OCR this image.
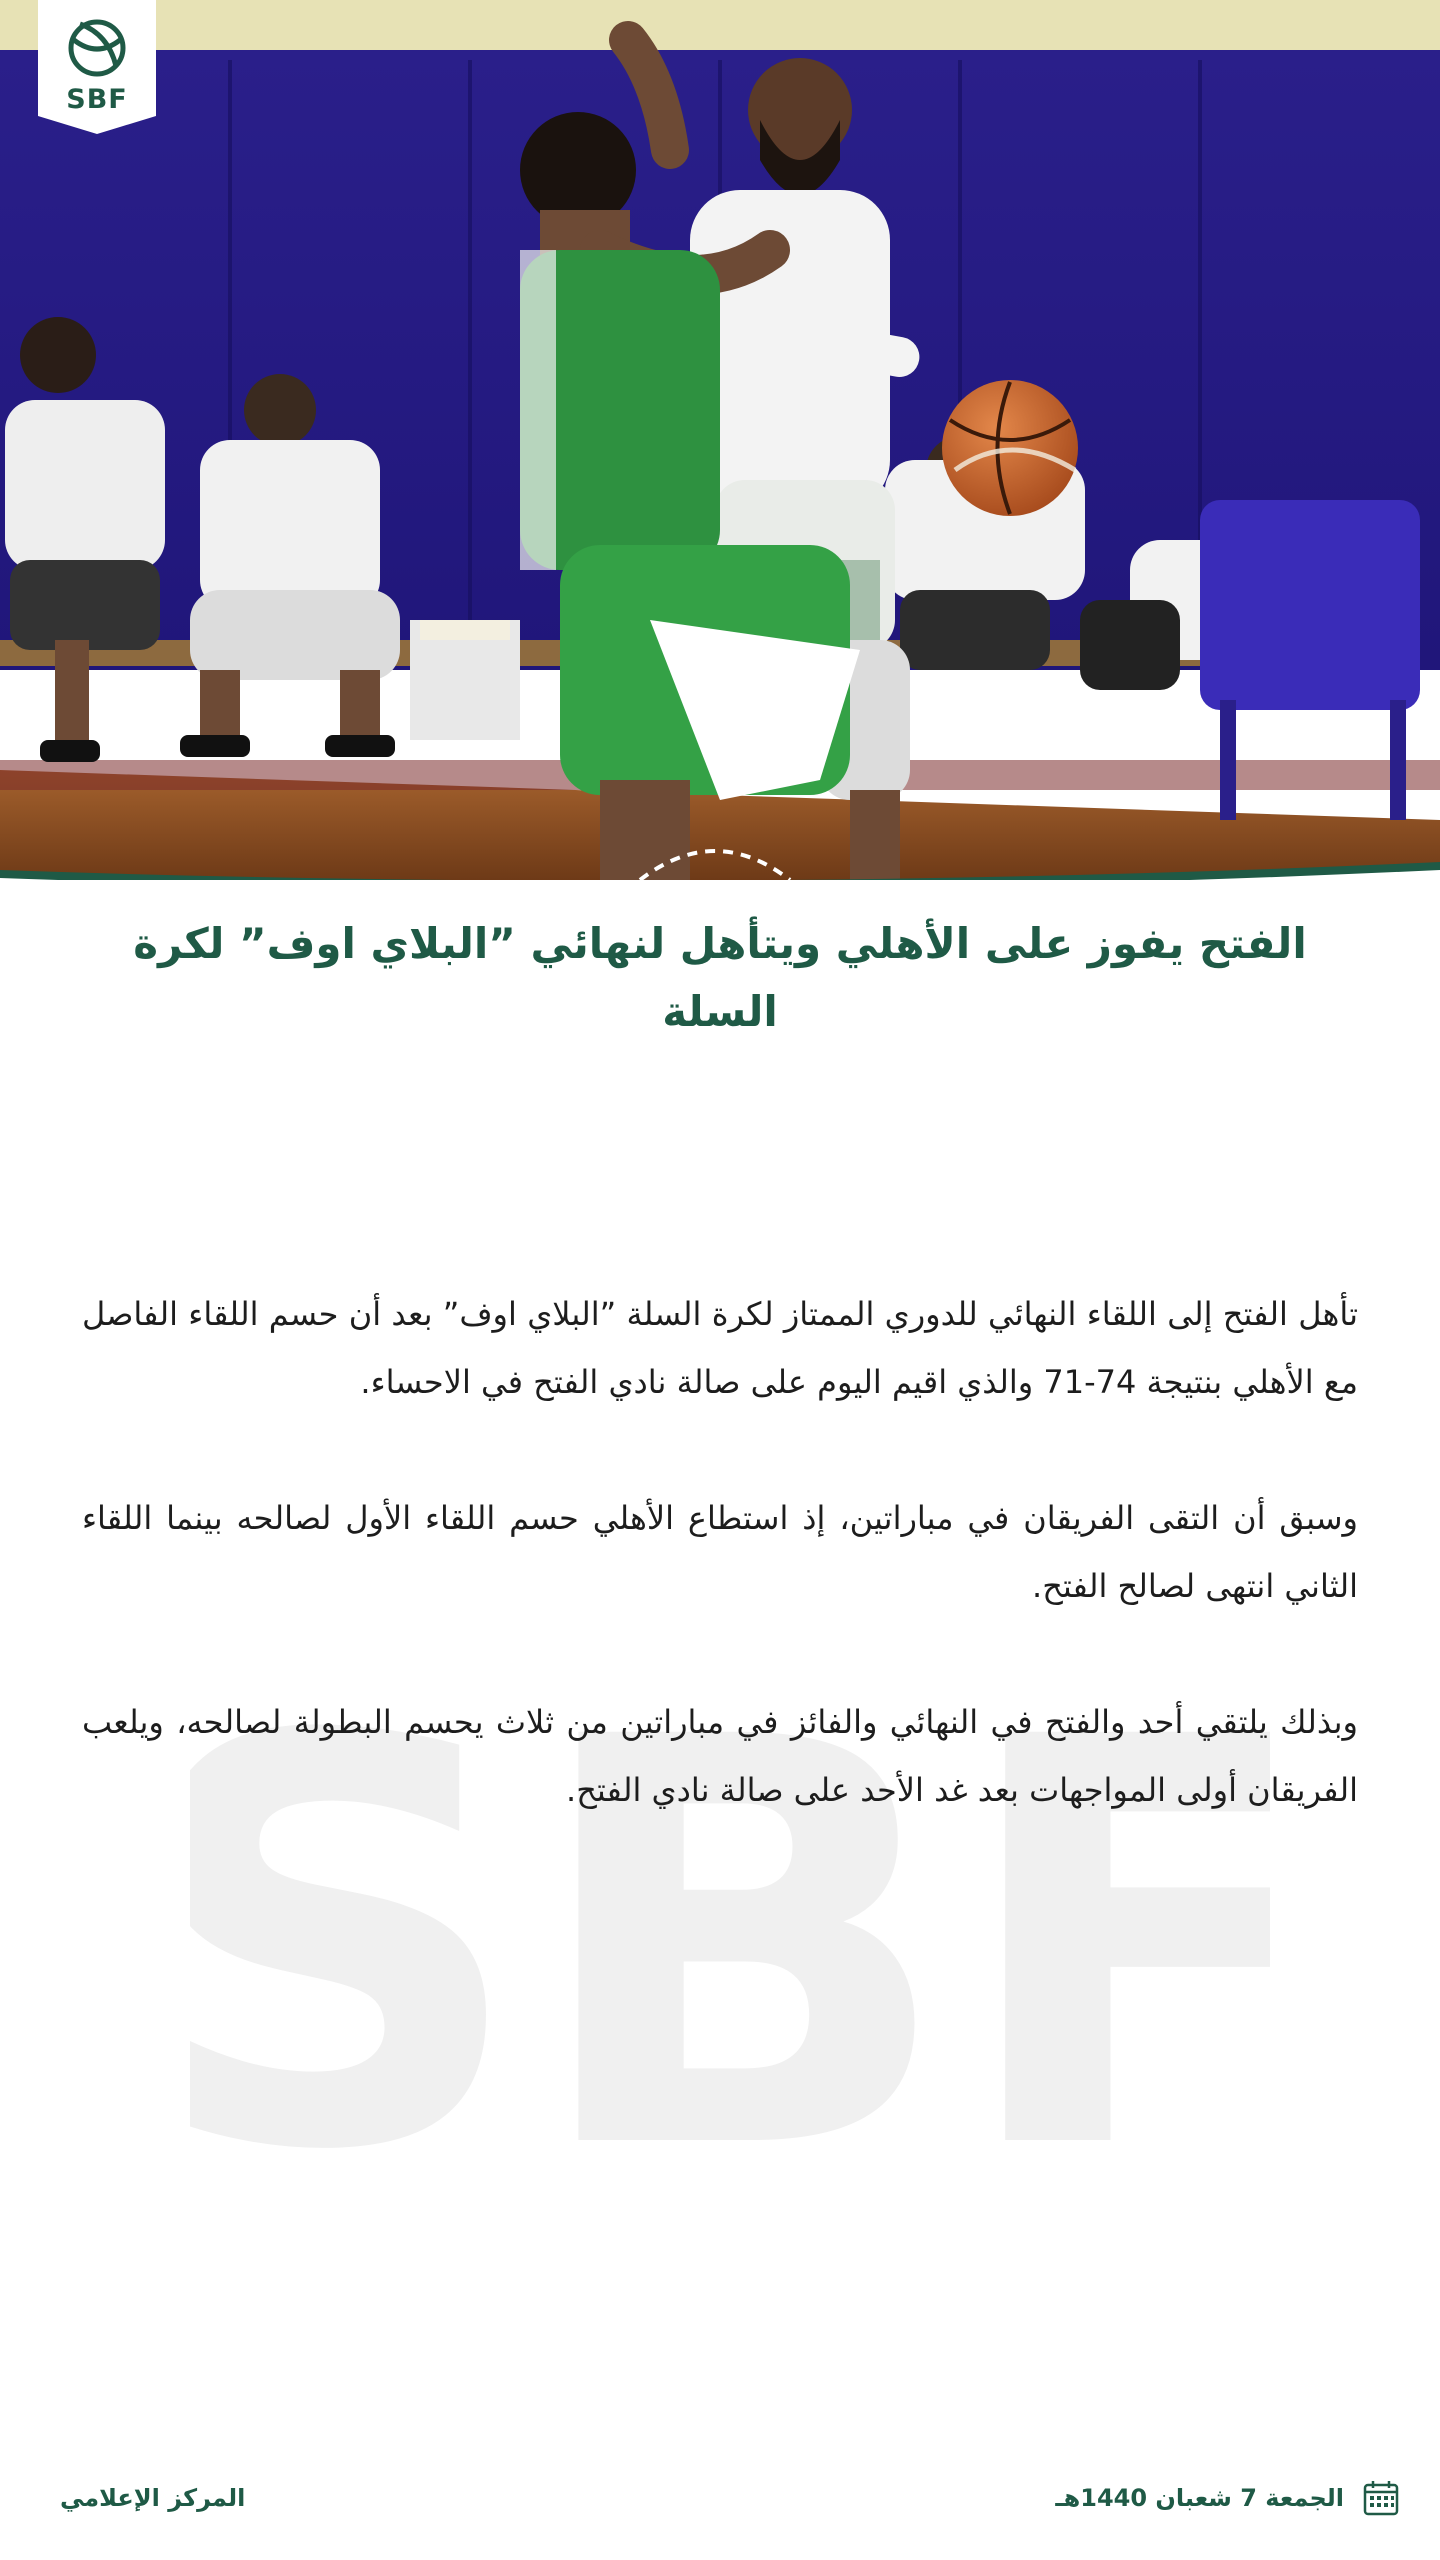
SBF
SBF
الفتح يفوز على الأهلي ويتأهل لنهائي ”البلاي اوف” لكرة السلة

تأهل الفتح إلى اللقاء النهائي للدوري الممتاز لكرة السلة ”البلاي اوف” بعد أن حسم اللقاء الفاصل مع الأهلي بنتيجة 74-71 والذي اقيم اليوم على صالة نادي الفتح في الاحساء.

وسبق أن التقى الفريقان في مباراتين، إذ استطاع الأهلي حسم اللقاء الأول لصالحه بينما اللقاء الثاني انتهى لصالح الفتح.

وبذلك يلتقي أحد والفتح في النهائي والفائز في مباراتين من ثلاث يحسم البطولة لصالحه، ويلعب الفريقان أولى المواجهات بعد غد الأحد على صالة نادي الفتح.

الجمعة 7 شعبان 1440هـ
المركز الإعلامي
